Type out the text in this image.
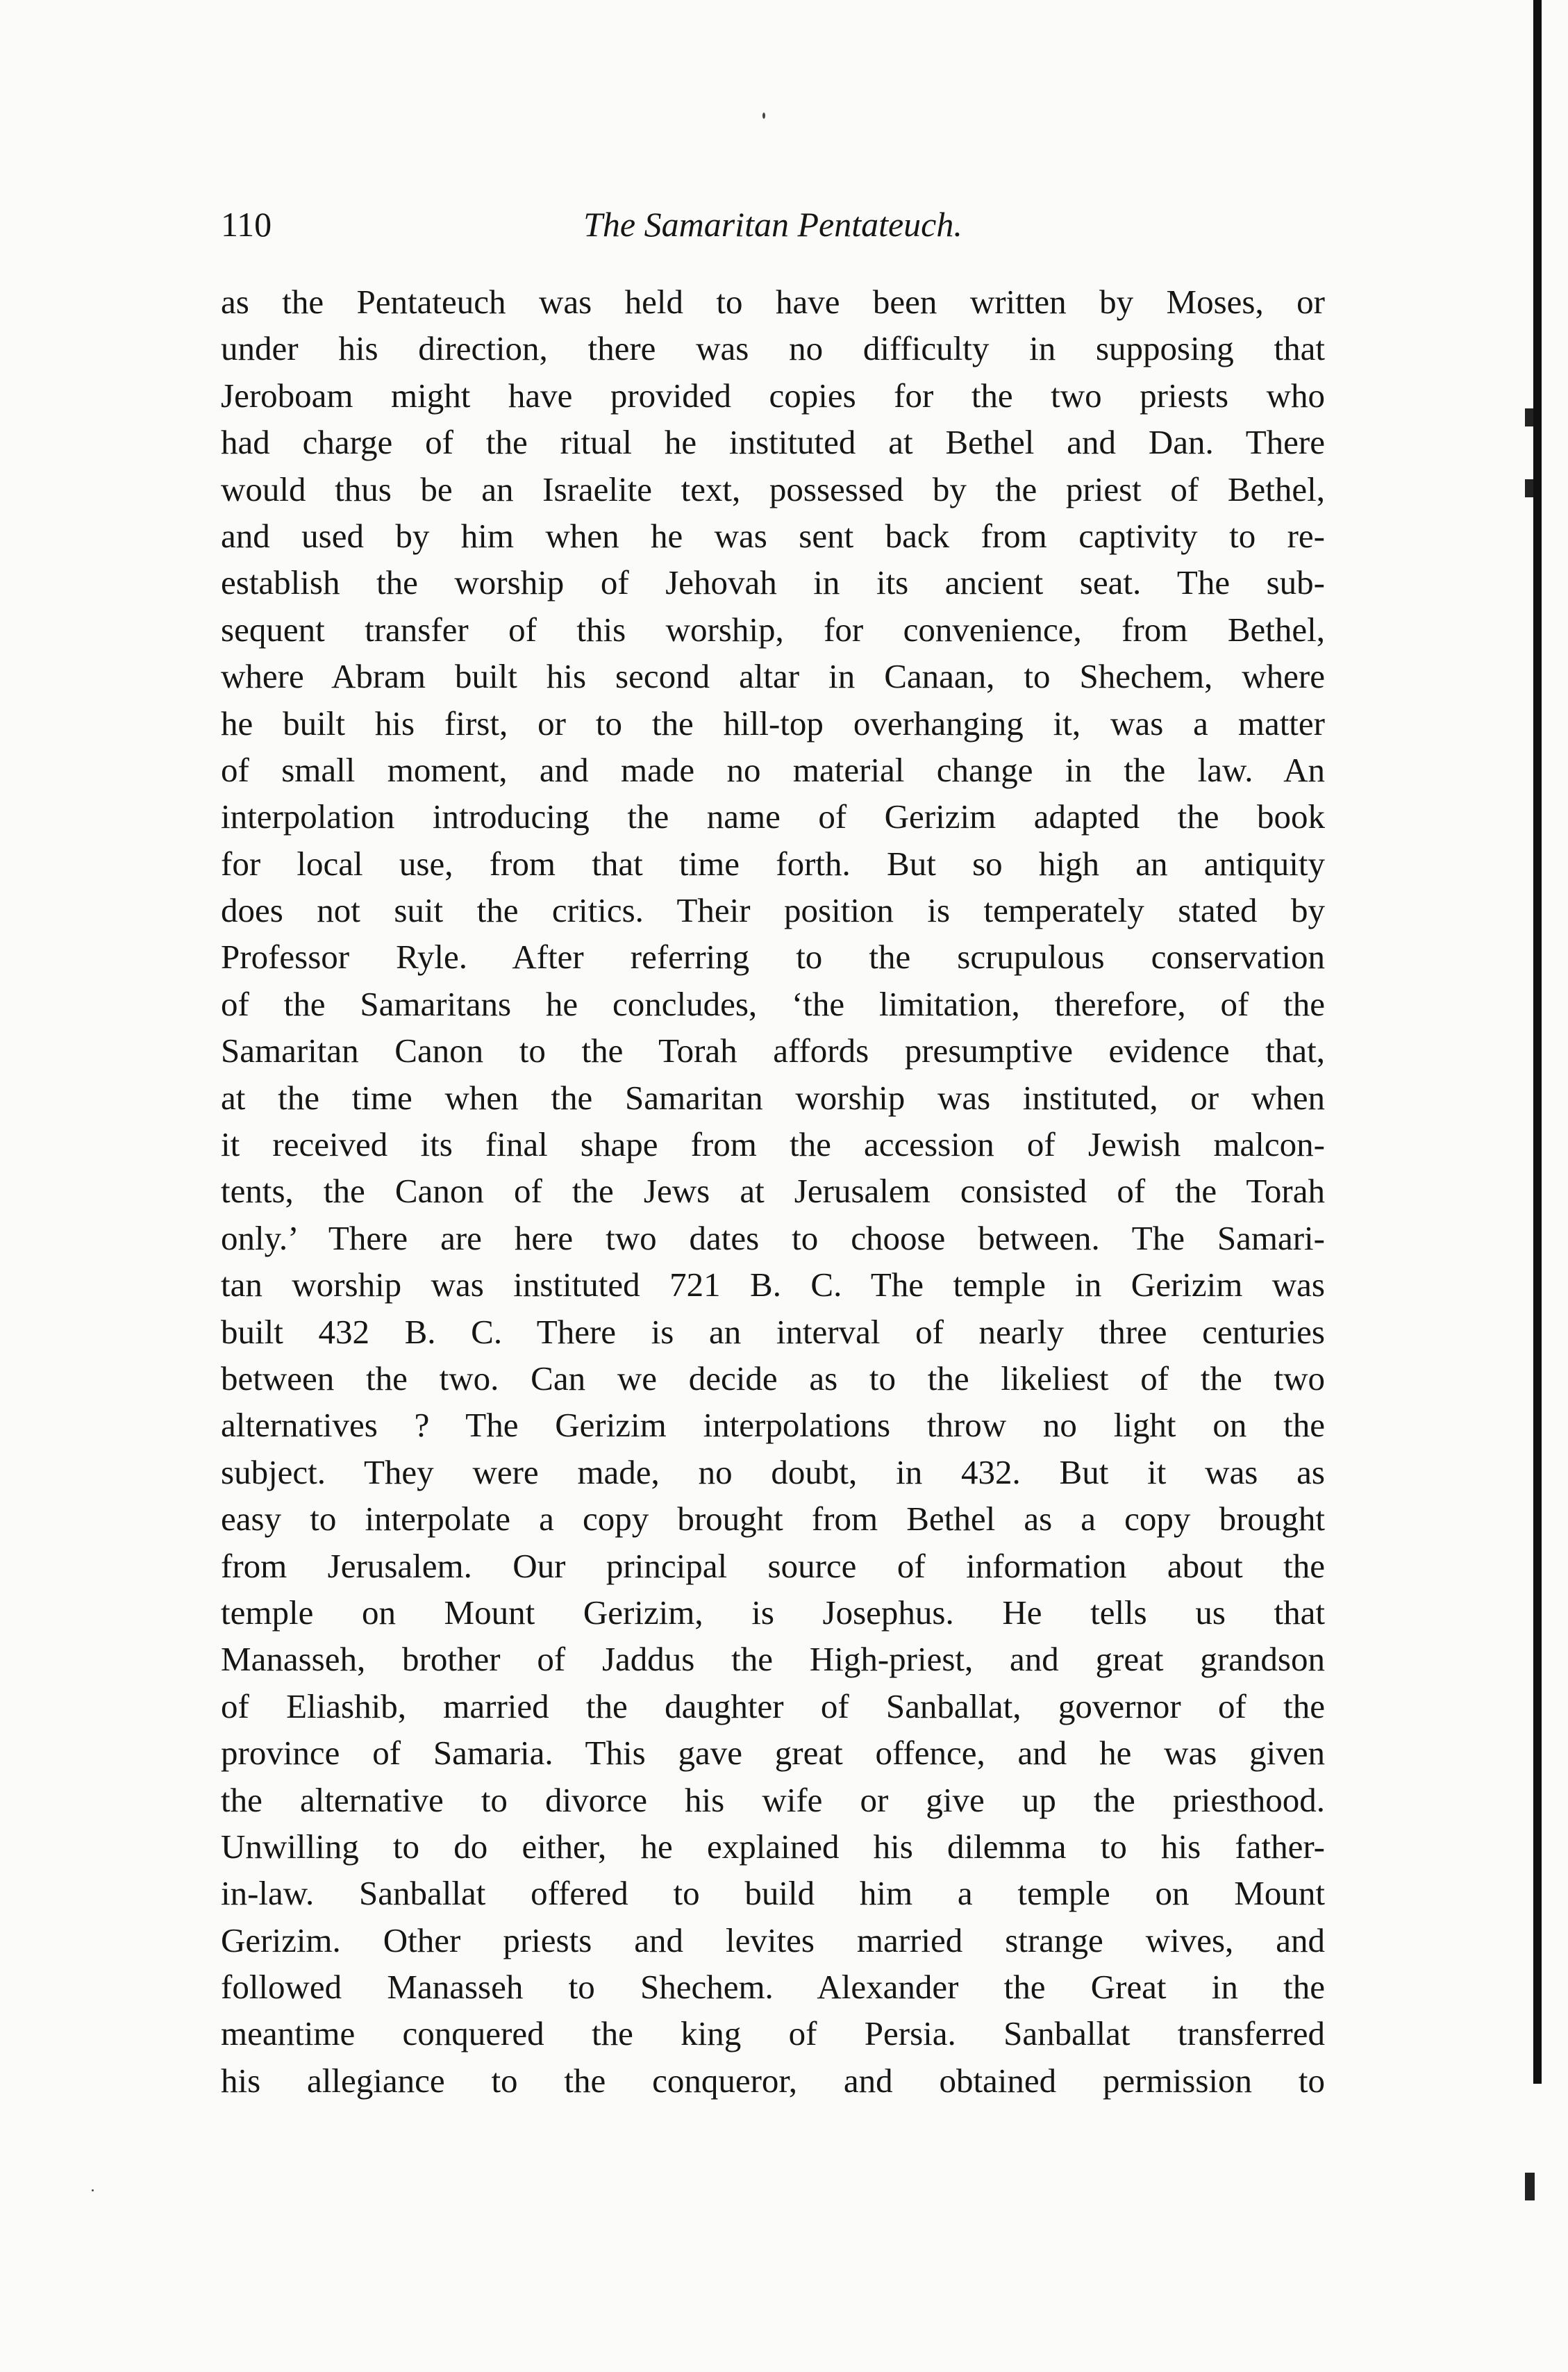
110	The Samaritan Pentateuch.
as the Pentateuch was held to have been written by Moses, or
under his direction, there was no difficulty in supposing that
Jeroboam might have provided copies for the two priests who
had charge of the ritual he instituted at Bethel and Dan. There
would thus be an Israelite text, possessed by the priest of Bethel,
and used by him when he was sent back from captivity to re-
establish the worship of Jehovah in its ancient seat. The sub-
sequent transfer of this worship, for convenience, from Bethel,
where Abram built his second altar in Canaan, to Shechem, where
he built his first, or to the hill-top overhanging it, was a matter
of small moment, and made no material change in the law. An
interpolation introducing the name of Gerizim adapted the book
for local use, from that time forth. But so high an antiquity
does not suit the critics. Their position is temperately stated by
Professor Ryle. After referring to the scrupulous conservation
of the Samaritans he concludes, ‘the limitation, therefore, of the
Samaritan Canon to the Torah affords presumptive evidence that,
at the time when the Samaritan worship was instituted, or when
it received its final shape from the accession of Jewish malcon-
tents, the Canon of the Jews at Jerusalem consisted of the Torah
only.’ There are here two dates to choose between. The Samari-
tan worship was instituted 721 B. C. The temple in Gerizim was
built 432 B. C. There is an interval of nearly three centuries
between the two. Can we decide as to the likeliest of the two
alternatives ? The Gerizim interpolations throw no light on the
subject. They were made, no doubt, in 432. But it was as
easy to interpolate a copy brought from Bethel as a copy brought
from Jerusalem. Our principal source of information about the
temple on Mount Gerizim, is Josephus. He tells us that
Manasseh, brother of Jaddus the High-priest, and great grandson
of Eliashib, married the daughter of Sanballat, governor of the
province of Samaria. This gave great offence, and he was given
the alternative to divorce his wife or give up the priesthood.
Unwilling to do either, he explained his dilemma to his father-
in-law. Sanballat offered to build him a temple on Mount
Gerizim. Other priests and levites married strange wives, and
followed Manasseh to Shechem. Alexander the Great in the
meantime conquered the king of Persia. Sanballat transferred
his allegiance to the conqueror, and obtained permission to
